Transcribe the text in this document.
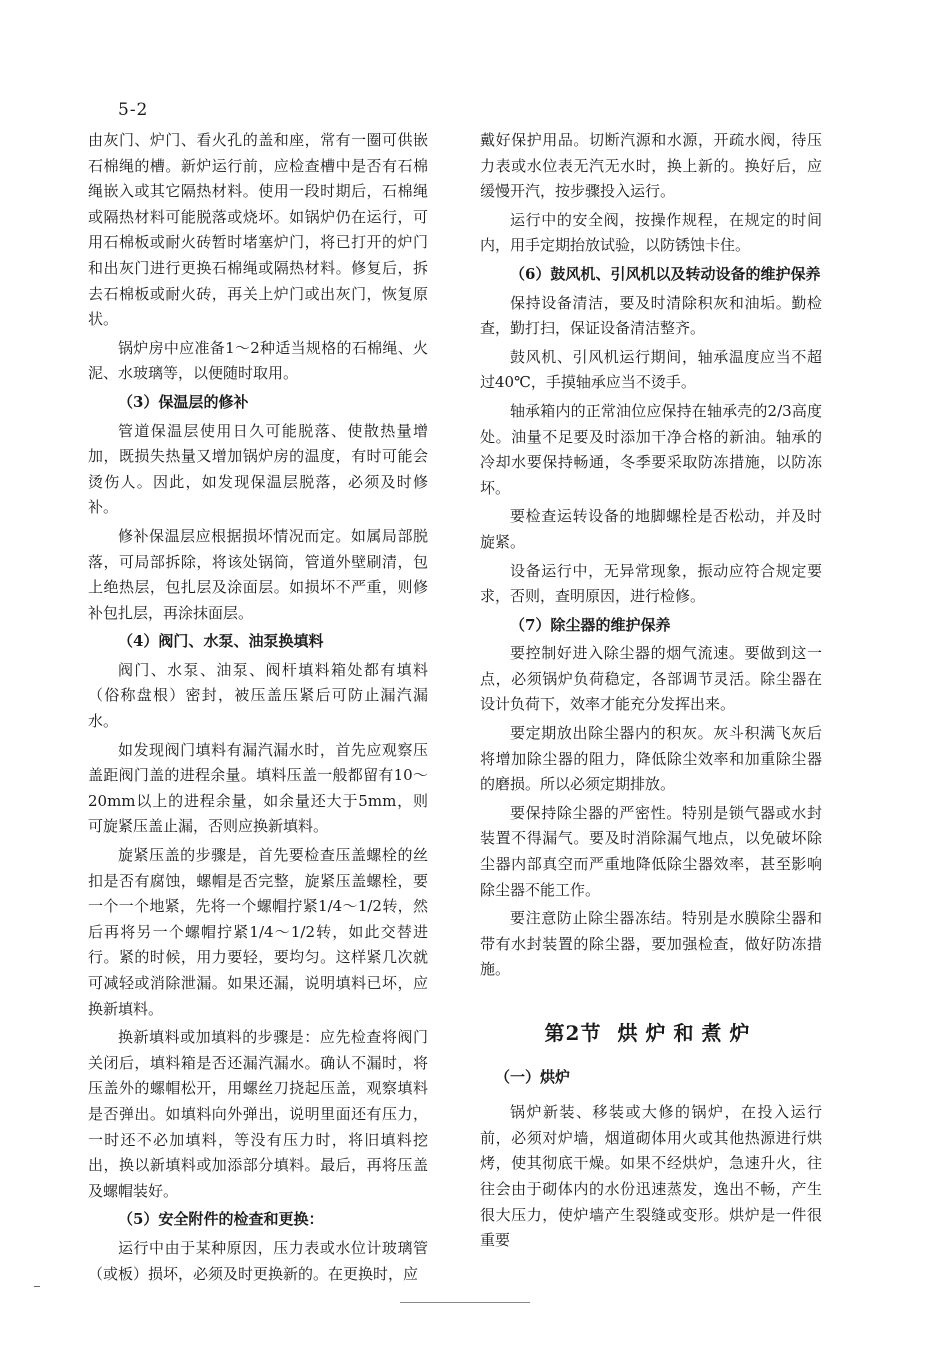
5-2

由灰门、炉门、看火孔的盖和座，常有一圈可供嵌石棉绳的槽。新炉运行前，应检查槽中是否有石棉绳嵌入或其它隔热材料。使用一段时期后，石棉绳或隔热材料可能脱落或烧坏。如锅炉仍在运行，可用石棉板或耐火砖暂时堵塞炉门，将已打开的炉门和出灰门进行更换石棉绳或隔热材料。修复后，拆去石棉板或耐火砖，再关上炉门或出灰门，恢复原状。

锅炉房中应准备1～2种适当规格的石棉绳、火泥、水玻璃等，以便随时取用。

（3）保温层的修补

管道保温层使用日久可能脱落、使散热量增加，既损失热量又增加锅炉房的温度，有时可能会烫伤人。因此，如发现保温层脱落，必须及时修补。

修补保温层应根据损坏情况而定。如属局部脱落，可局部拆除，将该处锅筒，管道外壁刷清，包上绝热层，包扎层及涂面层。如损坏不严重，则修补包扎层，再涂抹面层。

（4）阀门、水泵、油泵换填料

阀门、水泵、油泵、阀杆填料箱处都有填料（俗称盘根）密封，被压盖压紧后可防止漏汽漏水。

如发现阀门填料有漏汽漏水时，首先应观察压盖距阀门盖的进程余量。填料压盖一般都留有10～20mm以上的进程余量，如余量还大于5mm，则可旋紧压盖止漏，否则应换新填料。

旋紧压盖的步骤是，首先要检查压盖螺栓的丝扣是否有腐蚀，螺帽是否完整，旋紧压盖螺栓，要一个一个地紧，先将一个螺帽拧紧1/4～1/2转，然后再将另一个螺帽拧紧1/4～1/2转，如此交替进行。紧的时候，用力要轻，要均匀。这样紧几次就可减轻或消除泄漏。如果还漏，说明填料已坏，应换新填料。

换新填料或加填料的步骤是：应先检查将阀门关闭后，填料箱是否还漏汽漏水。确认不漏时，将压盖外的螺帽松开，用螺丝刀挠起压盖，观察填料是否弹出。如填料向外弹出，说明里面还有压力，一时还不必加填料，等没有压力时，将旧填料挖出，换以新填料或加添部分填料。最后，再将压盖及螺帽装好。

（5）安全附件的检查和更换：

运行中由于某种原因，压力表或水位计玻璃管（或板）损坏，必须及时更换新的。在更换时，应

戴好保护用品。切断汽源和水源，开疏水阀，待压力表或水位表无汽无水时，换上新的。换好后，应缓慢开汽，按步骤投入运行。

运行中的安全阀，按操作规程，在规定的时间内，用手定期抬放试验，以防锈蚀卡住。

（6）鼓风机、引风机以及转动设备的维护保养

保持设备清洁，要及时清除积灰和油垢。勤检查，勤打扫，保证设备清洁整齐。

鼓风机、引风机运行期间，轴承温度应当不超过40℃，手摸轴承应当不烫手。

轴承箱内的正常油位应保持在轴承壳的2/3高度处。油量不足要及时添加干净合格的新油。轴承的冷却水要保持畅通，冬季要采取防冻措施，以防冻坏。

要检查运转设备的地脚螺栓是否松动，并及时旋紧。

设备运行中，无异常现象，振动应符合规定要求，否则，查明原因，进行检修。

（7）除尘器的维护保养

要控制好进入除尘器的烟气流速。要做到这一点，必须锅炉负荷稳定，各部调节灵活。除尘器在设计负荷下，效率才能充分发挥出来。

要定期放出除尘器内的积灰。灰斗积满飞灰后将增加除尘器的阻力，降低除尘效率和加重除尘器的磨损。所以必须定期排放。

要保持除尘器的严密性。特别是锁气器或水封装置不得漏气。要及时消除漏气地点，以免破坏除尘器内部真空而严重地降低除尘器效率，甚至影响除尘器不能工作。

要注意防止除尘器冻结。特别是水膜除尘器和带有水封装置的除尘器，要加强检查，做好防冻措施。

第2节 烘炉和煮炉
（一）烘炉

锅炉新装、移装或大修的锅炉，在投入运行前，必须对炉墙，烟道砌体用火或其他热源进行烘烤，使其彻底干燥。如果不经烘炉，急速升火，往往会由于砌体内的水份迅速蒸发，逸出不畅，产生很大压力，使炉墙产生裂缝或变形。烘炉是一件很重要
